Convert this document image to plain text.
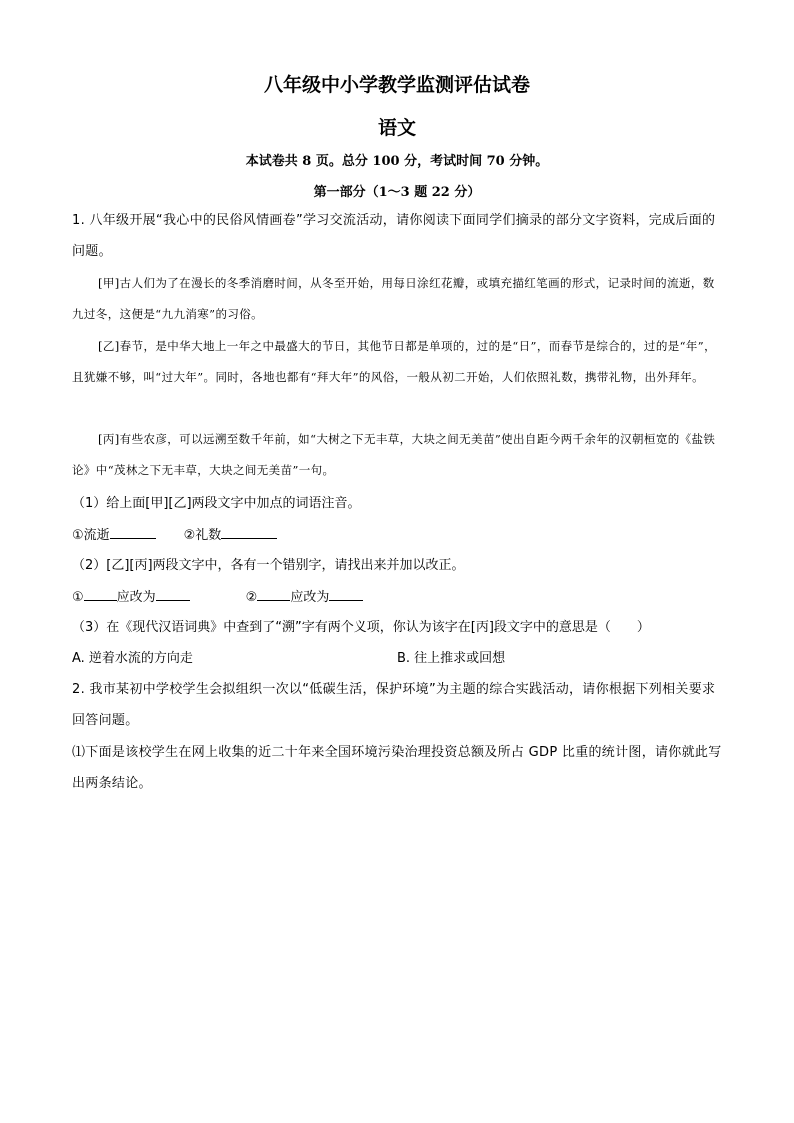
八年级中小学教学监测评估试卷
语文
本试卷共 8 页。总分 100 分，考试时间 70 分钟。
第一部分（1～3 题 22 分）
1. 八年级开展“我心中的民俗风情画卷”学习交流活动，请你阅读下面同学们摘录的部分文字资料，完成后面的问题。
[甲]古人们为了在漫长的冬季消磨时间，从冬至开始，用每日涂红花瓣，或填充描红笔画的形式，记录时间的流逝，数九过冬，这便是“九九消寒”的习俗。
[乙]春节，是中华大地上一年之中最盛大的节日，其他节日都是单项的，过的是“日”，而春节是综合的，过的是“年”，且犹嫌不够，叫“过大年”。同时，各地也都有“拜大年”的风俗，一般从初二开始，人们依照礼数，携带礼物，出外拜年。
[丙]有些农彦，可以远溯至数千年前，如“大树之下无丰草，大块之间无美苗”使出自距今两千余年的汉朝桓宽的《盐铁论》中“茂林之下无丰草，大块之间无美苗”一句。
（1）给上面[甲][乙]两段文字中加点的词语注音。
①流逝	②礼数
（2）[乙][丙]两段文字中，各有一个错别字，请找出来并加以改正。
①	应改为	②	应改为
（3）在《现代汉语词典》中查到了“溯”字有两个义项，你认为该字在[丙]段文字中的意思是（　　）
A. 逆着水流的方向走	B. 往上推求或回想
2. 我市某初中学校学生会拟组织一次以“低碳生活，保护环境”为主题的综合实践活动，请你根据下列相关要求回答问题。
⑴下面是该校学生在网上收集的近二十年来全国环境污染治理投资总额及所占 GDP 比重的统计图，请你就此写出两条结论。
